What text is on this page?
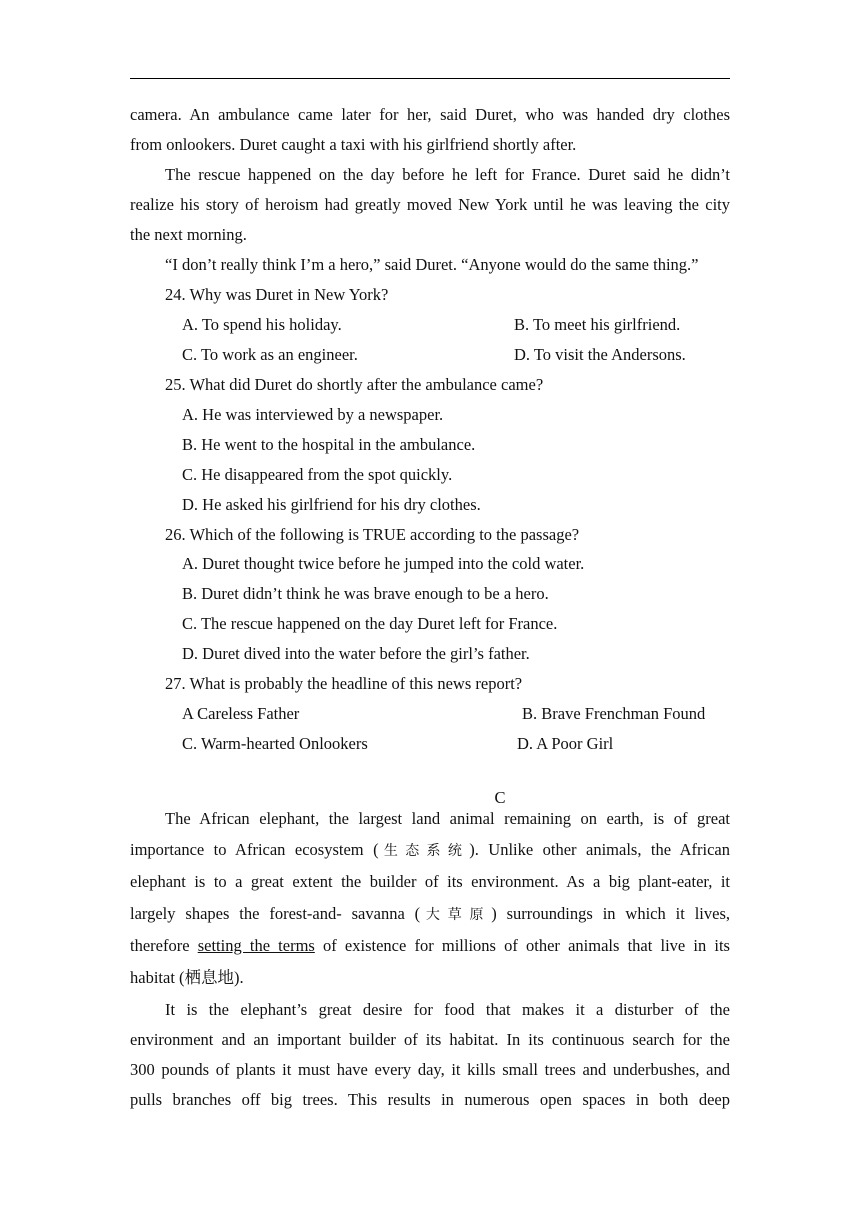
camera. An ambulance came later for her, said Duret, who was handed dry clothes
from onlookers. Duret caught a taxi with his girlfriend shortly after.
The rescue happened on the day before he left for France. Duret said he didn’t
realize his story of heroism had greatly moved New York until he was leaving the city
the next morning.
“I don’t really think I’m a hero,” said Duret. “Anyone would do the same thing.”
24. Why was Duret in New York?
A. To spend his holiday.	B. To meet his girlfriend.
C. To work as an engineer.	D. To visit the Andersons.
25. What did Duret do shortly after the ambulance came?
A. He was interviewed by a newspaper.
B. He went to the hospital in the ambulance.
C. He disappeared from the spot quickly.
D. He asked his girlfriend for his dry clothes.
26. Which of the following is TRUE according to the passage?
A. Duret thought twice before he jumped into the cold water.
B. Duret didn’t think he was brave enough to be a hero.
C. The rescue happened on the day Duret left for France.
D. Duret dived into the water before the girl’s father.
27. What is probably the headline of this news report?
A Careless Father	B. Brave Frenchman Found
C. Warm-hearted Onlookers	D. A Poor Girl
C
The African elephant, the largest land animal remaining on earth, is of great
importance to African ecosystem (生态系统). Unlike other animals, the African
elephant is to a great extent the builder of its environment. As a big plant-eater, it
largely shapes the forest-and- savanna (大草原) surroundings in which it lives,
therefore setting the terms of existence for millions of other animals that live in its
habitat (栖息地).
It is the elephant’s great desire for food that makes it a disturber of the
environment and an important builder of its habitat. In its continuous search for the
300 pounds of plants it must have every day, it kills small trees and underbushes, and
pulls branches off big trees. This results in numerous open spaces in both deep
